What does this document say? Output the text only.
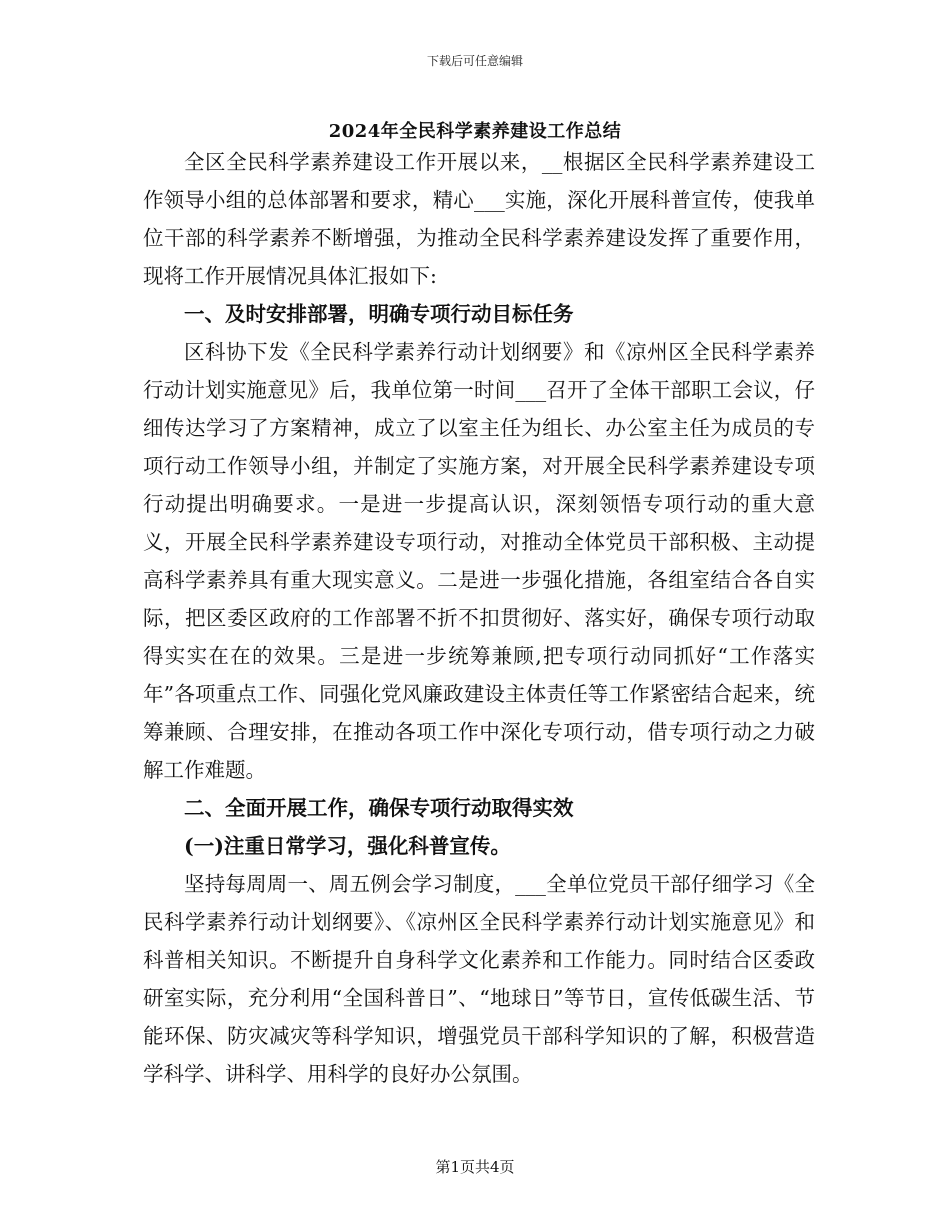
下载后可任意编辑
2024年全民科学素养建设工作总结

全区全民科学素养建设工作开展以来，__根据区全民科学素养建设工作领导小组的总体部署和要求，精心___实施，深化开展科普宣传，使我单位干部的科学素养不断增强，为推动全民科学素养建设发挥了重要作用，现将工作开展情况具体汇报如下:

一、及时安排部署，明确专项行动目标任务

区科协下发《全民科学素养行动计划纲要》和《凉州区全民科学素养行动计划实施意见》后，我单位第一时间___召开了全体干部职工会议，仔细传达学习了方案精神，成立了以室主任为组长、办公室主任为成员的专项行动工作领导小组，并制定了实施方案，对开展全民科学素养建设专项行动提出明确要求。一是进一步提高认识，深刻领悟专项行动的重大意义，开展全民科学素养建设专项行动，对推动全体党员干部积极、主动提高科学素养具有重大现实意义。二是进一步强化措施，各组室结合各自实际，把区委区政府的工作部署不折不扣贯彻好、落实好，确保专项行动取得实实在在的效果。三是进一步统筹兼顾,把专项行动同抓好“工作落实年”各项重点工作、同强化党风廉政建设主体责任等工作紧密结合起来，统筹兼顾、合理安排，在推动各项工作中深化专项行动，借专项行动之力破解工作难题。

二、全面开展工作，确保专项行动取得实效
(一)注重日常学习，强化科普宣传。

坚持每周周一、周五例会学习制度，___全单位党员干部仔细学习《全民科学素养行动计划纲要》、《凉州区全民科学素养行动计划实施意见》和科普相关知识。不断提升自身科学文化素养和工作能力。同时结合区委政研室实际，充分利用“全国科普日”、“地球日”等节日，宣传低碳生活、节能环保、防灾减灾等科学知识，增强党员干部科学知识的了解，积极营造学科学、讲科学、用科学的良好办公氛围。

第1页共4页
